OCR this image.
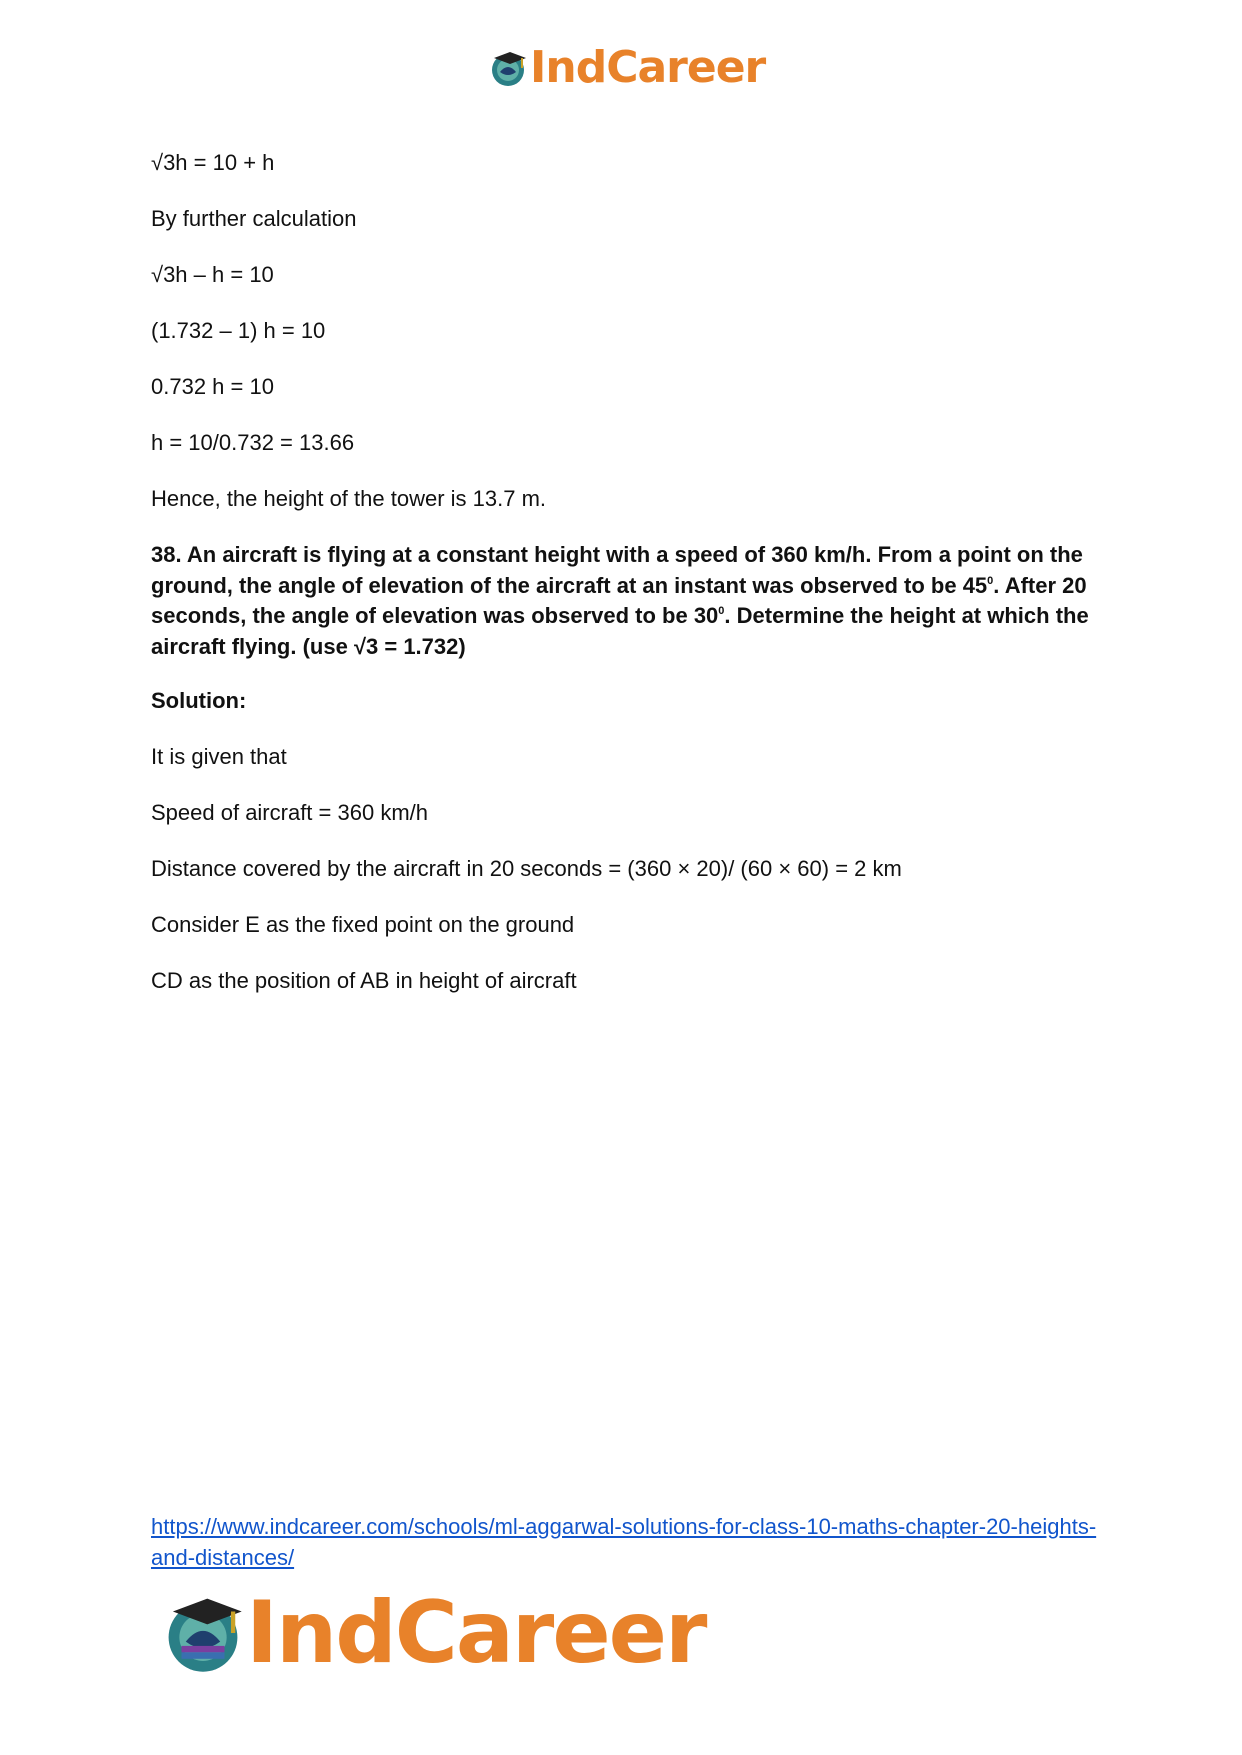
IndCareer

√3h = 10 + h

By further calculation

√3h – h = 10

(1.732 – 1) h = 10

0.732 h = 10

h = 10/0.732 = 13.66

Hence, the height of the tower is 13.7 m.

38. An aircraft is flying at a constant height with a speed of 360 km/h. From a point on the ground, the angle of elevation of the aircraft at an instant was observed to be $45^0$. After 20 seconds, the angle of elevation was observed to be $30^0$. Determine the height at which the aircraft flying. (use √3 = 1.732)

Solution:

It is given that

Speed of aircraft = 360 km/h

Distance covered by the aircraft in 20 seconds = (360 × 20)/ (60 × 60) = 2 km

Consider E as the fixed point on the ground

CD as the position of AB in height of aircraft

https://www.indcareer.com/schools/ml-aggarwal-solutions-for-class-10-maths-chapter-20-heights-and-distances/
IndCareer
